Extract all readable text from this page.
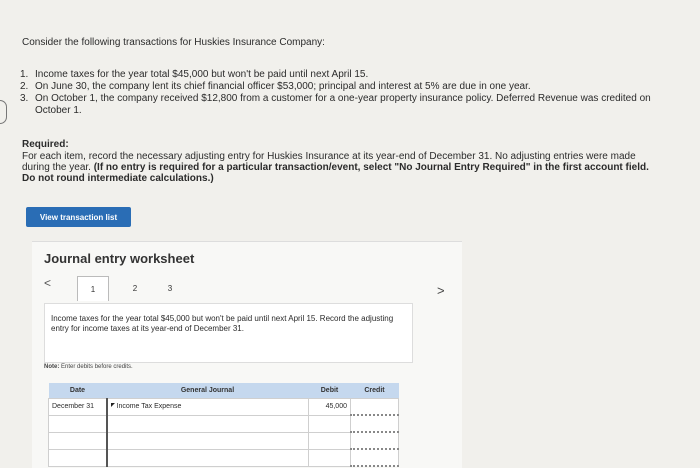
Consider the following transactions for Huskies Insurance Company:
1. Income taxes for the year total $45,000 but won't be paid until next April 15.
2. On June 30, the company lent its chief financial officer $53,000; principal and interest at 5% are due in one year.
3. On October 1, the company received $12,800 from a customer for a one-year property insurance policy. Deferred Revenue was credited on October 1.
Required:
For each item, record the necessary adjusting entry for Huskies Insurance at its year-end of December 31. No adjusting entries were made during the year. (If no entry is required for a particular transaction/event, select "No Journal Entry Required" in the first account field. Do not round intermediate calculations.)
View transaction list
Journal entry worksheet
<	1	2	3	>
Income taxes for the year total $45,000 but won't be paid until next April 15. Record the adjusting entry for income taxes at its year-end of December 31.
Note: Enter debits before credits.
Date	General Journal	Debit	Credit
December 31	Income Tax Expense	45,000	
